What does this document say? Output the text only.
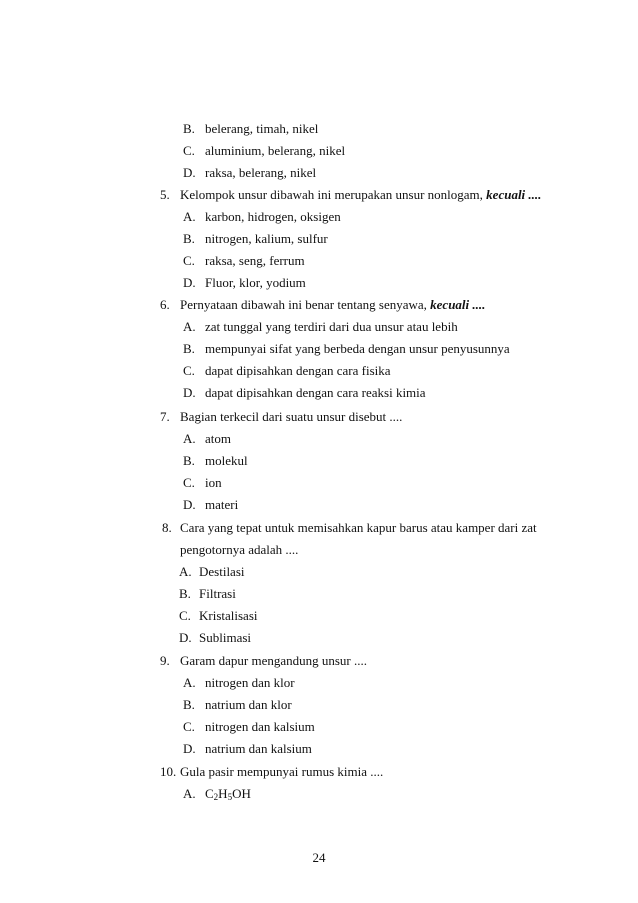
B. belerang, timah, nikel
C. aluminium, belerang, nikel
D. raksa, belerang, nikel
5. Kelompok unsur dibawah ini merupakan unsur nonlogam, kecuali ....
A. karbon, hidrogen, oksigen
B. nitrogen, kalium, sulfur
C. raksa, seng, ferrum
D. Fluor, klor, yodium
6. Pernyataan dibawah ini benar tentang senyawa, kecuali ....
A. zat tunggal yang terdiri dari dua unsur atau lebih
B. mempunyai sifat yang berbeda dengan unsur penyusunnya
C. dapat dipisahkan dengan cara fisika
D. dapat dipisahkan dengan cara reaksi kimia
7. Bagian terkecil dari suatu unsur disebut ....
A. atom
B. molekul
C. ion
D. materi
8. Cara yang tepat untuk memisahkan kapur barus atau kamper dari zat
pengotornya adalah ....
A. Destilasi
B. Filtrasi
C. Kristalisasi
D. Sublimasi
9. Garam dapur mengandung unsur ....
A. nitrogen dan klor
B. natrium dan klor
C. nitrogen dan kalsium
D. natrium dan kalsium
10. Gula pasir mempunyai rumus kimia ....
A. $C_2H_5OH$
24
